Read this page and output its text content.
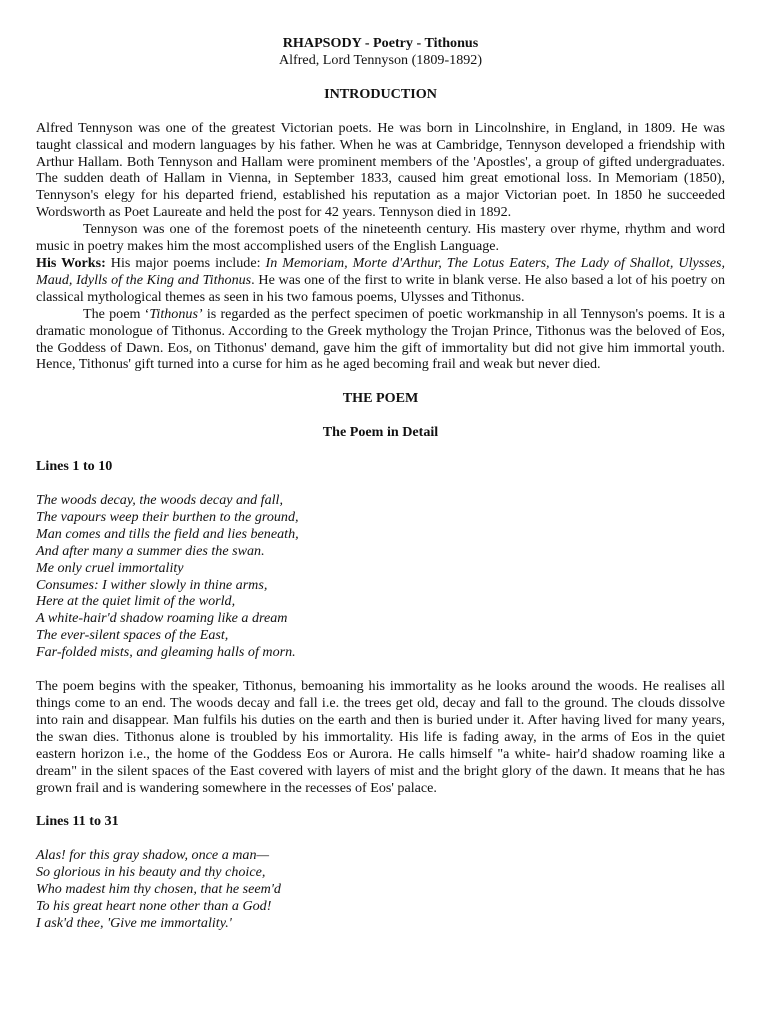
RHAPSODY - Poetry - Tithonus

Alfred, Lord Tennyson (1809-1892)

INTRODUCTION

Alfred Tennyson was one of the greatest Victorian poets. He was born in Lincolnshire, in England, in 1809. He was taught classical and modern languages by his father. When he was at Cambridge, Tennyson developed a friendship with Arthur Hallam. Both Tennyson and Hallam were prominent members of the 'Apostles', a group of gifted undergraduates. The sudden death of Hallam in Vienna, in September 1833, caused him great emotional loss. In Memoriam (1850), Tennyson's elegy for his departed friend, established his reputation as a major Victorian poet. In 1850 he succeeded Wordsworth as Poet Laureate and held the post for 42 years. Tennyson died in 1892.

Tennyson was one of the foremost poets of the nineteenth century. His mastery over rhyme, rhythm and word music in poetry makes him the most accomplished users of the English Language.

His Works: His major poems include: In Memoriam, Morte d'Arthur, The Lotus Eaters, The Lady of Shallot, Ulysses, Maud, Idylls of the King and Tithonus. He was one of the first to write in blank verse. He also based a lot of his poetry on classical mythological themes as seen in his two famous poems, Ulysses and Tithonus.

The poem ‘Tithonus’ is regarded as the perfect specimen of poetic workmanship in all Tennyson's poems. It is a dramatic monologue of Tithonus. According to the Greek mythology the Trojan Prince, Tithonus was the beloved of Eos, the Goddess of Dawn. Eos, on Tithonus' demand, gave him the gift of immortality but did not give him immortal youth. Hence, Tithonus' gift turned into a curse for him as he aged becoming frail and weak but never died.

THE POEM
The Poem in Detail
Lines 1 to 10
The woods decay, the woods decay and fall,
The vapours weep their burthen to the ground,
Man comes and tills the field and lies beneath,
And after many a summer dies the swan.
Me only cruel immortality
Consumes: I wither slowly in thine arms,
Here at the quiet limit of the world,
A white-hair'd shadow roaming like a dream
The ever-silent spaces of the East,
Far-folded mists, and gleaming halls of morn.

The poem begins with the speaker, Tithonus, bemoaning his immortality as he looks around the woods. He realises all things come to an end. The woods decay and fall i.e. the trees get old, decay and fall to the ground. The clouds dissolve into rain and disappear. Man fulfils his duties on the earth and then is buried under it. After having lived for many years, the swan dies. Tithonus alone is troubled by his immortality. His life is fading away, in the arms of Eos in the quiet eastern horizon i.e., the home of the Goddess Eos or Aurora. He calls himself "a white- hair'd shadow roaming like a dream" in the silent spaces of the East covered with layers of mist and the bright glory of the dawn. It means that he has grown frail and is wandering somewhere in the recesses of Eos' palace.

Lines 11 to 31
Alas! for this gray shadow, once a man—
So glorious in his beauty and thy choice,
Who madest him thy chosen, that he seem'd
To his great heart none other than a God!
I ask'd thee, 'Give me immortality.'
